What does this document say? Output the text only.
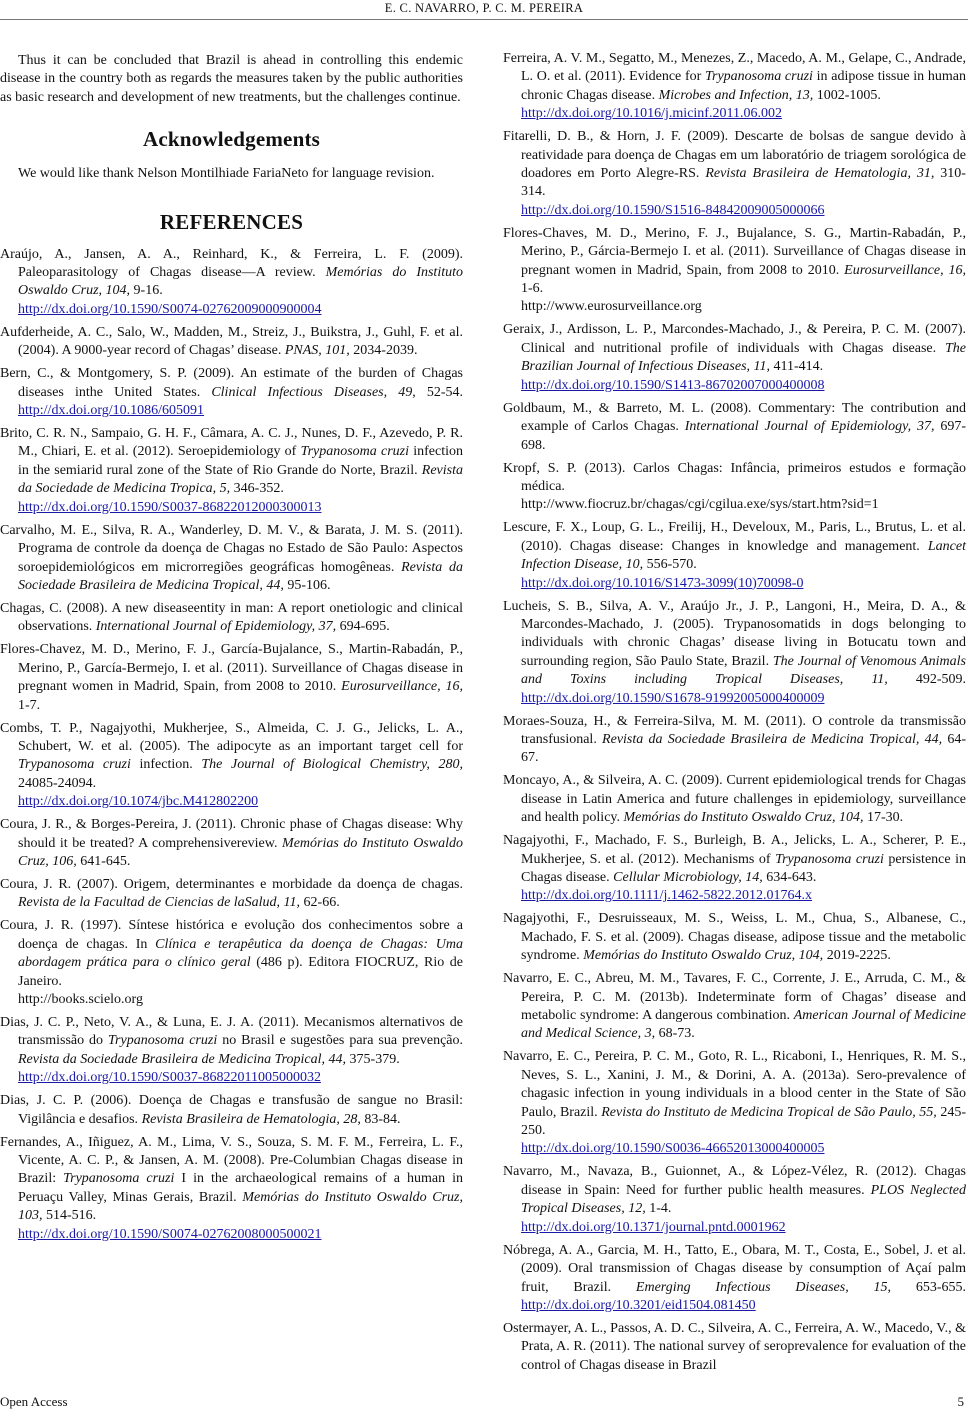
E. C. NAVARRO, P. C. M. PEREIRA

Thus it can be concluded that Brazil is ahead in controlling this endemic disease in the country both as regards the measures taken by the public authorities as basic research and development of new treatments, but the challenges continue.

Acknowledgements

We would like thank Nelson Montilhiade FariaNeto for language revision.

REFERENCES

Araújo, A., Jansen, A. A., Reinhard, K., & Ferreira, L. F. (2009). Paleoparasitology of Chagas disease—A review. Memórias do Instituto Oswaldo Cruz, 104, 9-16.
http://dx.doi.org/10.1590/S0074-02762009000900004

Aufderheide, A. C., Salo, W., Madden, M., Streiz, J., Buikstra, J., Guhl, F. et al. (2004). A 9000-year record of Chagas’ disease. PNAS, 101, 2034-2039.

Bern, C., & Montgomery, S. P. (2009). An estimate of the burden of Chagas diseases inthe United States. Clinical Infectious Diseases, 49, 52-54. http://dx.doi.org/10.1086/605091

Brito, C. R. N., Sampaio, G. H. F., Câmara, A. C. J., Nunes, D. F., Azevedo, P. R. M., Chiari, E. et al. (2012). Seroepidemiology of Trypanosoma cruzi infection in the semiarid rural zone of the State of Rio Grande do Norte, Brazil. Revista da Sociedade de Medicina Tropica, 5, 346-352.
http://dx.doi.org/10.1590/S0037-86822012000300013

Carvalho, M. E., Silva, R. A., Wanderley, D. M. V., & Barata, J. M. S. (2011). Programa de controle da doença de Chagas no Estado de São Paulo: Aspectos soroepidemiológicos em microrregiões geográficas homogêneas. Revista da Sociedade Brasileira de Medicina Tropical, 44, 95-106.

Chagas, C. (2008). A new diseaseentity in man: A report onetiologic and clinical observations. International Journal of Epidemiology, 37, 694-695.

Flores-Chavez, M. D., Merino, F. J., García-Bujalance, S., Martin-Rabadán, P., Merino, P., García-Bermejo, I. et al. (2011). Surveillance of Chagas disease in pregnant women in Madrid, Spain, from 2008 to 2010. Eurosurveillance, 16, 1-7.

Combs, T. P., Nagajyothi, Mukherjee, S., Almeida, C. J. G., Jelicks, L. A., Schubert, W. et al. (2005). The adipocyte as an important target cell for Trypanosoma cruzi infection. The Journal of Biological Chemistry, 280, 24085-24094.
http://dx.doi.org/10.1074/jbc.M412802200

Coura, J. R., & Borges-Pereira, J. (2011). Chronic phase of Chagas disease: Why should it be treated? A comprehensivereview. Memórias do Instituto Oswaldo Cruz, 106, 641-645.

Coura, J. R. (2007). Origem, determinantes e morbidade da doença de chagas. Revista de la Facultad de Ciencias de laSalud, 11, 62-66.

Coura, J. R. (1997). Síntese histórica e evolução dos conhecimentos sobre a doença de chagas. In Clínica e terapêutica da doença de Chagas: Uma abordagem prática para o clínico geral (486 p). Editora FIOCRUZ, Rio de Janeiro.
http://books.scielo.org

Dias, J. C. P., Neto, V. A., & Luna, E. J. A. (2011). Mecanismos alternativos de transmissão do Trypanosoma cruzi no Brasil e sugestões para sua prevenção. Revista da Sociedade Brasileira de Medicina Tropical, 44, 375-379.
http://dx.doi.org/10.1590/S0037-86822011005000032

Dias, J. C. P. (2006). Doença de Chagas e transfusão de sangue no Brasil: Vigilância e desafios. Revista Brasileira de Hematologia, 28, 83-84.

Fernandes, A., Iñiguez, A. M., Lima, V. S., Souza, S. M. F. M., Ferreira, L. F., Vicente, A. C. P., & Jansen, A. M. (2008). Pre-Columbian Chagas disease in Brazil: Trypanosoma cruzi I in the archaeological remains of a human in Peruaçu Valley, Minas Gerais, Brazil. Memórias do Instituto Oswaldo Cruz, 103, 514-516.
http://dx.doi.org/10.1590/S0074-02762008000500021

Ferreira, A. V. M., Segatto, M., Menezes, Z., Macedo, A. M., Gelape, C., Andrade, L. O. et al. (2011). Evidence for Trypanosoma cruzi in adipose tissue in human chronic Chagas disease. Microbes and Infection, 13, 1002-1005.
http://dx.doi.org/10.1016/j.micinf.2011.06.002

Fitarelli, D. B., & Horn, J. F. (2009). Descarte de bolsas de sangue devido à reatividade para doença de Chagas em um laboratório de triagem sorológica de doadores em Porto Alegre-RS. Revista Brasileira de Hematologia, 31, 310-314.
http://dx.doi.org/10.1590/S1516-84842009005000066

Flores-Chaves, M. D., Merino, F. J., Bujalance, S. G., Martin-Rabadán, P., Merino, P., Gárcia-Bermejo I. et al. (2011). Surveillance of Chagas disease in pregnant women in Madrid, Spain, from 2008 to 2010. Eurosurveillance, 16, 1-6.
http://www.eurosurveillance.org

Geraix, J., Ardisson, L. P., Marcondes-Machado, J., & Pereira, P. C. M. (2007). Clinical and nutritional profile of individuals with Chagas disease. The Brazilian Journal of Infectious Diseases, 11, 411-414.
http://dx.doi.org/10.1590/S1413-86702007000400008

Goldbaum, M., & Barreto, M. L. (2008). Commentary: The contribution and example of Carlos Chagas. International Journal of Epidemiology, 37, 697-698.

Kropf, S. P. (2013). Carlos Chagas: Infância, primeiros estudos e formação médica.
http://www.fiocruz.br/chagas/cgi/cgilua.exe/sys/start.htm?sid=1

Lescure, F. X., Loup, G. L., Freilij, H., Develoux, M., Paris, L., Brutus, L. et al. (2010). Chagas disease: Changes in knowledge and management. Lancet Infection Disease, 10, 556-570.
http://dx.doi.org/10.1016/S1473-3099(10)70098-0

Lucheis, S. B., Silva, A. V., Araújo Jr., J. P., Langoni, H., Meira, D. A., & Marcondes-Machado, J. (2005). Trypanosomatids in dogs belonging to individuals with chronic Chagas’ disease living in Botucatu town and surrounding region, São Paulo State, Brazil. The Journal of Venomous Animals and Toxins including Tropical Diseases, 11, 492-509. http://dx.doi.org/10.1590/S1678-91992005000400009

Moraes-Souza, H., & Ferreira-Silva, M. M. (2011). O controle da transmissão transfusional. Revista da Sociedade Brasileira de Medicina Tropical, 44, 64-67.

Moncayo, A., & Silveira, A. C. (2009). Current epidemiological trends for Chagas disease in Latin America and future challenges in epidemiology, surveillance and health policy. Memórias do Instituto Oswaldo Cruz, 104, 17-30.

Nagajyothi, F., Machado, F. S., Burleigh, B. A., Jelicks, L. A., Scherer, P. E., Mukherjee, S. et al. (2012). Mechanisms of Trypanosoma cruzi persistence in Chagas disease. Cellular Microbiology, 14, 634-643.
http://dx.doi.org/10.1111/j.1462-5822.2012.01764.x

Nagajyothi, F., Desruisseaux, M. S., Weiss, L. M., Chua, S., Albanese, C., Machado, F. S. et al. (2009). Chagas disease, adipose tissue and the metabolic syndrome. Memórias do Instituto Oswaldo Cruz, 104, 2019-2225.

Navarro, E. C., Abreu, M. M., Tavares, F. C., Corrente, J. E., Arruda, C. M., & Pereira, P. C. M. (2013b). Indeterminate form of Chagas’ disease and metabolic syndrome: A dangerous combination. American Journal of Medicine and Medical Science, 3, 68-73.

Navarro, E. C., Pereira, P. C. M., Goto, R. L., Ricaboni, I., Henriques, R. M. S., Neves, S. L., Xanini, J. M., & Dorini, A. A. (2013a). Sero-prevalence of chagasic infection in young individuals in a blood center in the State of São Paulo, Brazil. Revista do Instituto de Medicina Tropical de São Paulo, 55, 245-250.
http://dx.doi.org/10.1590/S0036-46652013000400005

Navarro, M., Navaza, B., Guionnet, A., & López-Vélez, R. (2012). Chagas disease in Spain: Need for further public health measures. PLOS Neglected Tropical Diseases, 12, 1-4.
http://dx.doi.org/10.1371/journal.pntd.0001962

Nóbrega, A. A., Garcia, M. H., Tatto, E., Obara, M. T., Costa, E., Sobel, J. et al. (2009). Oral transmission of Chagas disease by consumption of Açaí palm fruit, Brazil. Emerging Infectious Diseases, 15, 653-655. http://dx.doi.org/10.3201/eid1504.081450

Ostermayer, A. L., Passos, A. D. C., Silveira, A. C., Ferreira, A. W., Macedo, V., & Prata, A. R. (2011). The national survey of seroprevalence for evaluation of the control of Chagas disease in Brazil

Open Access	5
